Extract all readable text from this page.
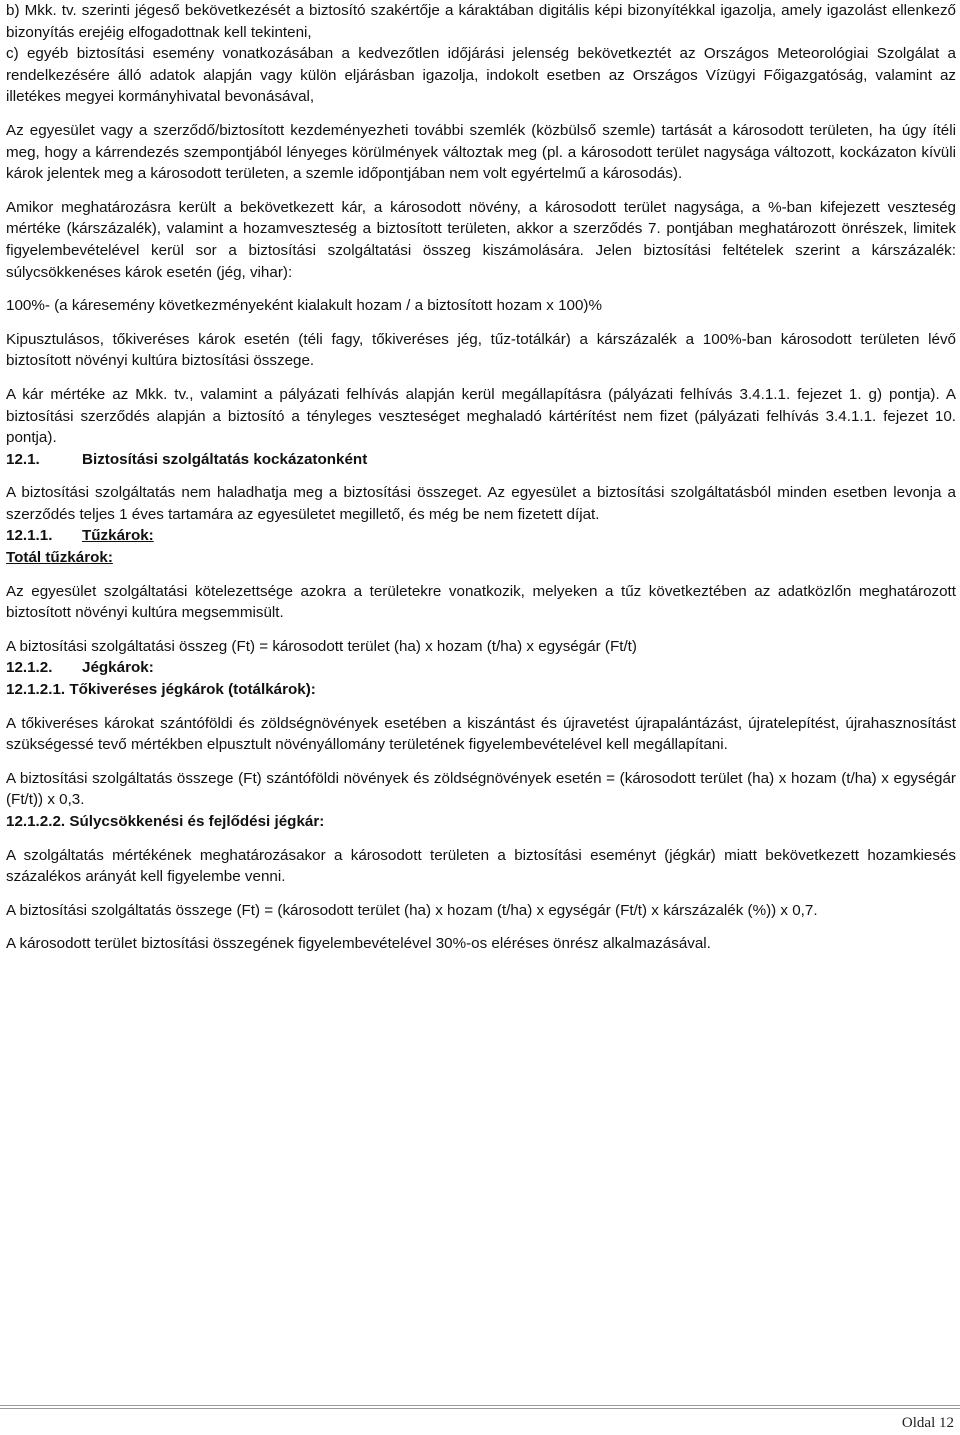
b) Mkk. tv. szerinti jégeső bekövetkezését a biztosító szakértője a káraktában digitális képi bizonyítékkal igazolja, amely igazolást ellenkező bizonyítás erejéig elfogadottnak kell tekinteni,

c) egyéb biztosítási esemény vonatkozásában a kedvezőtlen időjárási jelenség bekövetkeztét az Országos Meteorológiai Szolgálat a rendelkezésére álló adatok alapján vagy külön eljárásban igazolja, indokolt esetben az Országos Vízügyi Főigazgatóság, valamint az illetékes megyei kormányhivatal bevonásával,

Az egyesület vagy a szerződő/biztosított kezdeményezheti további szemlék (közbülső szemle) tartását a károsodott területen, ha úgy ítéli meg, hogy a kárrendezés szempontjából lényeges körülmények változtak meg (pl. a károsodott terület nagysága változott, kockázaton kívüli károk jelentek meg a károsodott területen, a szemle időpontjában nem volt egyértelmű a károsodás).

Amikor meghatározásra került a bekövetkezett kár, a károsodott növény, a károsodott terület nagysága, a %-ban kifejezett veszteség mértéke (kárszázalék), valamint a hozamveszteség a biztosított területen, akkor a szerződés 7. pontjában meghatározott önrészek, limitek figyelembevételével kerül sor a biztosítási szolgáltatási összeg kiszámolására. Jelen biztosítási feltételek szerint a kárszázalék: súlycsökkenéses károk esetén (jég, vihar):

100%- (a káresemény következményeként kialakult hozam / a biztosított hozam x 100)%

Kipusztulásos, tőkiveréses károk esetén (téli fagy, tőkiveréses jég, tűz-totálkár) a kárszázalék a 100%-ban károsodott területen lévő biztosított növényi kultúra biztosítási összege.

A kár mértéke az Mkk. tv., valamint a pályázati felhívás alapján kerül megállapításra (pályázati felhívás 3.4.1.1. fejezet 1. g) pontja). A biztosítási szerződés alapján a biztosító a tényleges veszteséget meghaladó kártérítést nem fizet (pályázati felhívás 3.4.1.1. fejezet 10. pontja).

12.1.	Biztosítási szolgáltatás kockázatonként

A biztosítási szolgáltatás nem haladhatja meg a biztosítási összeget. Az egyesület a biztosítási szolgáltatásból minden esetben levonja a szerződés teljes 1 éves tartamára az egyesületet megillető, és még be nem fizetett díjat.

12.1.1. Tűzkárok:

Totál tűzkárok:

Az egyesület szolgáltatási kötelezettsége azokra a területekre vonatkozik, melyeken a tűz következtében az adatközlőn meghatározott biztosított növényi kultúra megsemmisült.

A biztosítási szolgáltatási összeg (Ft) = károsodott terület (ha) x hozam (t/ha) x egységár (Ft/t)

12.1.2. Jégkárok:

12.1.2.1. Tőkiveréses jégkárok (totálkárok):

A tőkiveréses károkat szántóföldi és zöldségnövények esetében a kiszántást és újravetést újrapalántázást, újratelepítést, újrahasznosítást szükségessé tevő mértékben elpusztult növényállomány területének figyelembevételével kell megállapítani.

A biztosítási szolgáltatás összege (Ft) szántóföldi növények és zöldségnövények esetén = (károsodott terület (ha) x hozam (t/ha) x egységár (Ft/t)) x 0,3.

12.1.2.2. Súlycsökkenési és fejlődési jégkár:

A szolgáltatás mértékének meghatározásakor a károsodott területen a biztosítási eseményt (jégkár) miatt bekövetkezett hozamkiesés százalékos arányát kell figyelembe venni.

A biztosítási szolgáltatás összege (Ft) = (károsodott terület (ha) x hozam (t/ha) x egységár (Ft/t) x kárszázalék (%)) x 0,7.

A károsodott terület biztosítási összegének figyelembevételével 30%-os eléréses önrész alkalmazásával.

Oldal 12
